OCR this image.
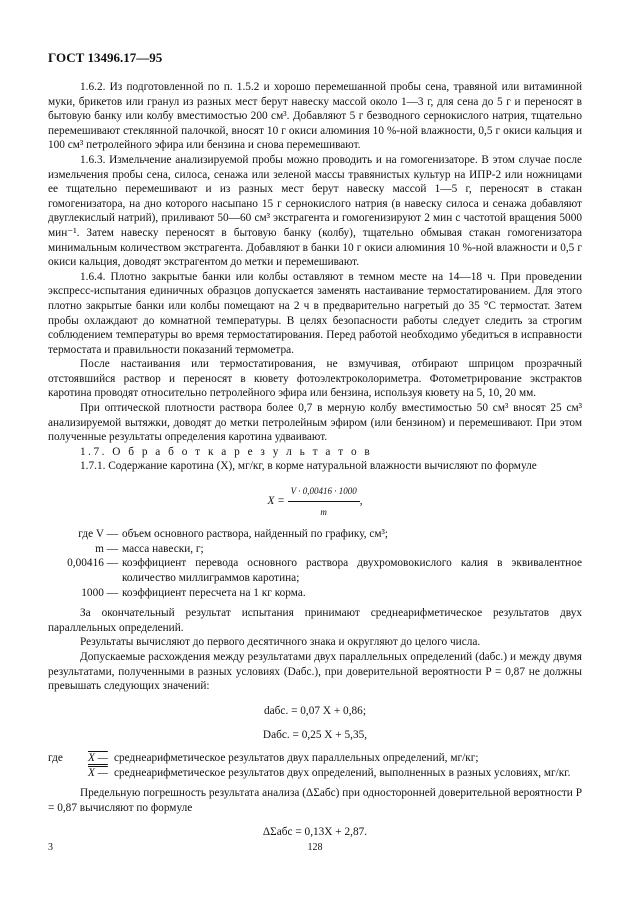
ГОСТ 13496.17—95

1.6.2. Из подготовленной по п. 1.5.2 и хорошо перемешанной пробы сена, травяной или витаминной муки, брикетов или гранул из разных мест берут навеску массой около 1—3 г, для сена до 5 г и переносят в бытовую банку или колбу вместимостью 200 см³. Добавляют 5 г безводного сернокислого натрия, тщательно перемешивают стеклянной палочкой, вносят 10 г окиси алюминия 10 %-ной влажности, 0,5 г окиси кальция и 100 см³ петролейного эфира или бензина и снова перемешивают.

1.6.3. Измельчение анализируемой пробы можно проводить и на гомогенизаторе. В этом случае после измельчения пробы сена, силоса, сенажа или зеленой массы травянистых культур на ИПР-2 или ножницами ее тщательно перемешивают и из разных мест берут навеску массой 1—5 г, переносят в стакан гомогенизатора, на дно которого насыпано 15 г сернокислого натрия (в навеску силоса и сенажа добавляют двуглекислый натрий), приливают 50—60 см³ экстрагента и гомогенизируют 2 мин с частотой вращения 5000 мин⁻¹. Затем навеску переносят в бытовую банку (колбу), тщательно обмывая стакан гомогенизатора минимальным количеством экстрагента. Добавляют в банки 10 г окиси алюминия 10 %-ной влажности и 0,5 г окиси кальция, доводят экстрагентом до метки и перемешивают.

1.6.4. Плотно закрытые банки или колбы оставляют в темном месте на 14—18 ч. При проведении экспресс-испытания единичных образцов допускается заменять настаивание термостатированием. Для этого плотно закрытые банки или колбы помещают на 2 ч в предварительно нагретый до 35 °С термостат. Затем пробы охлаждают до комнатной температуры. В целях безопасности работы следует следить за строгим соблюдением температуры во время термостатирования. Перед работой необходимо убедиться в исправности термостата и правильности показаний термометра.

После настаивания или термостатирования, не взмучивая, отбирают шприцом прозрачный отстоявшийся раствор и переносят в кювету фотоэлектроколориметра. Фотометрирование экстрактов каротина проводят относительно петролейного эфира или бензина, используя кювету на 5, 10, 20 мм.

При оптической плотности раствора более 0,7 в мерную колбу вместимостью 50 см³ вносят 25 см³ анализируемой вытяжки, доводят до метки петролейным эфиром (или бензином) и перемешивают. При этом полученные результаты определения каротина удваивают.

1.7. О б р а б о т к а р е з у л ь т а т о в

1.7.1. Содержание каротина (X), мг/кг, в корме натуральной влажности вычисляют по формуле

$X = \frac{V \cdot 0,00416 \cdot 1000}{m}$ ,
где V — объем основного раствора, найденный по графику, см³;
m — масса навески, г;
0,00416 — коэффициент перевода основного раствора двухромовокислого калия в эквивалентное количество миллиграммов каротина;
1000 — коэффициент пересчета на 1 кг корма.

За окончательный результат испытания принимают среднеарифметическое результатов двух параллельных определений.

Результаты вычисляют до первого десятичного знака и округляют до целого числа.

Допускаемые расхождения между результатами двух параллельных определений (dабс.) и между двумя результатами, полученными в разных условиях (Dабс.), при доверительной вероятности P = 0,87 не должны превышать следующих значений:

dабс. = 0,07 X + 0,86;
Dабс. = 0,25 X + 5,35,
где	X — среднеарифметическое результатов двух параллельных определений, мг/кг;
X — среднеарифметическое результатов двух определений, выполненных в разных условиях, мг/кг.

Предельную погрешность результата анализа (ΔΣабс) при односторонней доверительной вероятности P = 0,87 вычисляют по формуле

ΔΣабс = 0,13X + 2,87.
3	128
